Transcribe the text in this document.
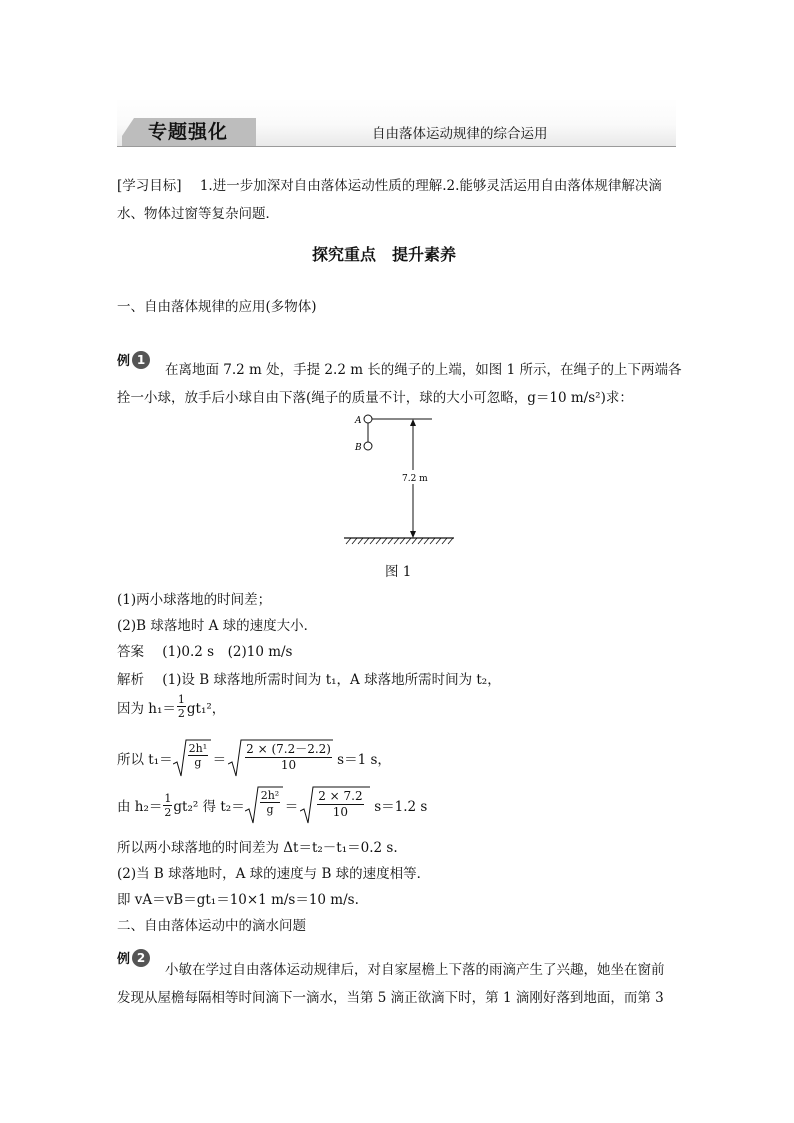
专题强化	自由落体运动规律的综合运用
[学习目标] 1.进一步加深对自由落体运动性质的理解.2.能够灵活运用自由落体规律解决滴
水、物体过窗等复杂问题．
探究重点　提升素养
一、自由落体规律的应用(多物体)
例 1
在离地面 7.2 m 处，手提 2.2 m 长的绳子的上端，如图 1 所示，在绳子的上下两端各
拴一小球，放手后小球自由下落(绳子的质量不计，球的大小可忽略，g＝10 m/s²)求：
A
B
7.2 m
图 1
(1)两小球落地的时间差；
(2)B 球落地时 A 球的速度大小．
答案 (1)0.2 s　(2)10 m/s
解析 (1)设 B 球落地所需时间为 t₁，A 球落地所需时间为 t₂，
因为 $h_1= \frac{1}{2} gt_1^2$，
所以 $t_1= \frac{\text{2h¹}}{g} = \frac{2 \times (7.2-2.2)}{10} s=1$ s，
由 $h_2= \frac{1}{2} gt_2^2$ 得 $t_2= \frac{\text{2h²}}{g} = \frac{2 \times 7.2}{10} s=1.2$ s
所以两小球落地的时间差为 Δt＝t₂－t₁＝0.2 s.
(2)当 B 球落地时，A 球的速度与 B 球的速度相等．
即 vA＝vB＝gt₁＝10×1 m/s＝10 m/s.
二、自由落体运动中的滴水问题
例 2
小敏在学过自由落体运动规律后，对自家屋檐上下落的雨滴产生了兴趣，她坐在窗前
发现从屋檐每隔相等时间滴下一滴水，当第 5 滴正欲滴下时，第 1 滴刚好落到地面，而第 3
